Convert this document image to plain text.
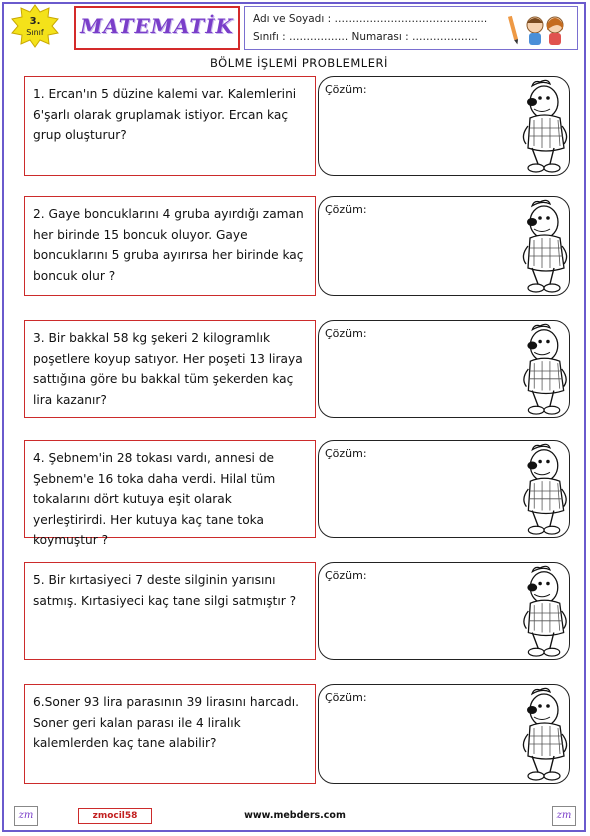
3.
Sınıf MATEMATİK	Adı ve Soyadı : ………………………………........
Sınıfı : ………….…. Numarası : ………….…...
BÖLME İŞLEMİ PROBLEMLERİ
1. Ercan'ın 5 düzine kalemi var. Kalemlerini 6'şarlı olarak gruplamak istiyor. Ercan kaç grup oluşturur?
Çözüm:
2. Gaye boncuklarını 4 gruba ayırdığı zaman her birinde 15 boncuk oluyor. Gaye boncuklarını 5 gruba ayırırsa her birinde kaç boncuk olur ?
Çözüm:
3. Bir bakkal 58 kg şekeri 2 kilogramlık poşetlere koyup satıyor. Her poşeti 13 liraya sattığına göre bu bakkal tüm şekerden kaç lira kazanır?
Çözüm:
4. Şebnem'in 28 tokası vardı, annesi de Şebnem'e 16 toka daha verdi. Hilal tüm tokalarını dört kutuya eşit olarak yerleştirirdi. Her kutuya kaç tane toka koymuştur ?
Çözüm:
5. Bir kırtasiyeci 7 deste silginin yarısını satmış. Kırtasiyeci kaç tane silgi satmıştır ?
Çözüm:
6.Soner 93 lira parasının 39 lirasını harcadı. Soner geri kalan parası ile 4 liralık kalemlerden kaç tane alabilir?
Çözüm:
zm	zmocil58	www.mebders.com	zm
